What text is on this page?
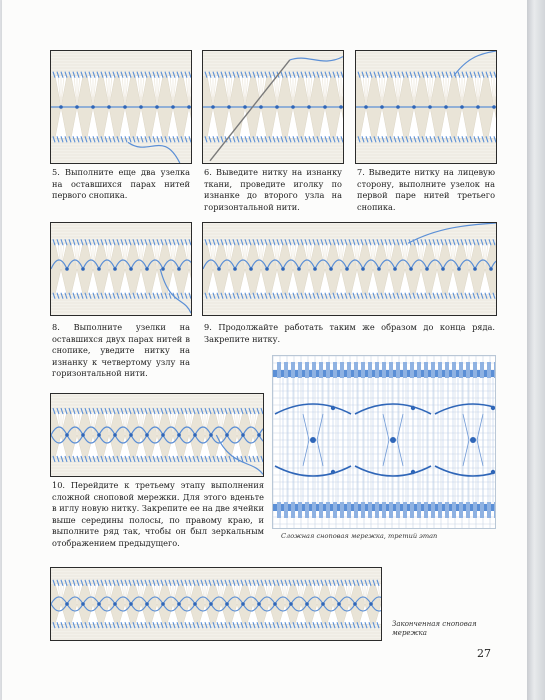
5. Выполните еще два узелка на оставшихся парах нитей первого снопика.
6. Выведите нитку на изнанку ткани, проведите иголку по изнанке до второго узла на горизонтальной нити.
7. Выведите нитку на лицевую сторону, выполните узелок на первой паре нитей третьего снопика.
8. Выполните узелки на оставшихся двух парах нитей в снопике, уведите нитку на изнанку к четвертому узлу на горизонтальной нити.
9. Продолжайте работать таким же образом до конца ряда. Закрепите нитку.
10. Перейдите к третьему этапу выполнения сложной сноповой мережки. Для этого вденьте в иглу новую нитку. Закрепите ее на две ячейки выше середины полосы, по правому краю, и выполните ряд так, чтобы он был зеркальным отображением предыдущего.
Сложная сноповая мережка, третий этап
Законченная сноповая мережка
27
